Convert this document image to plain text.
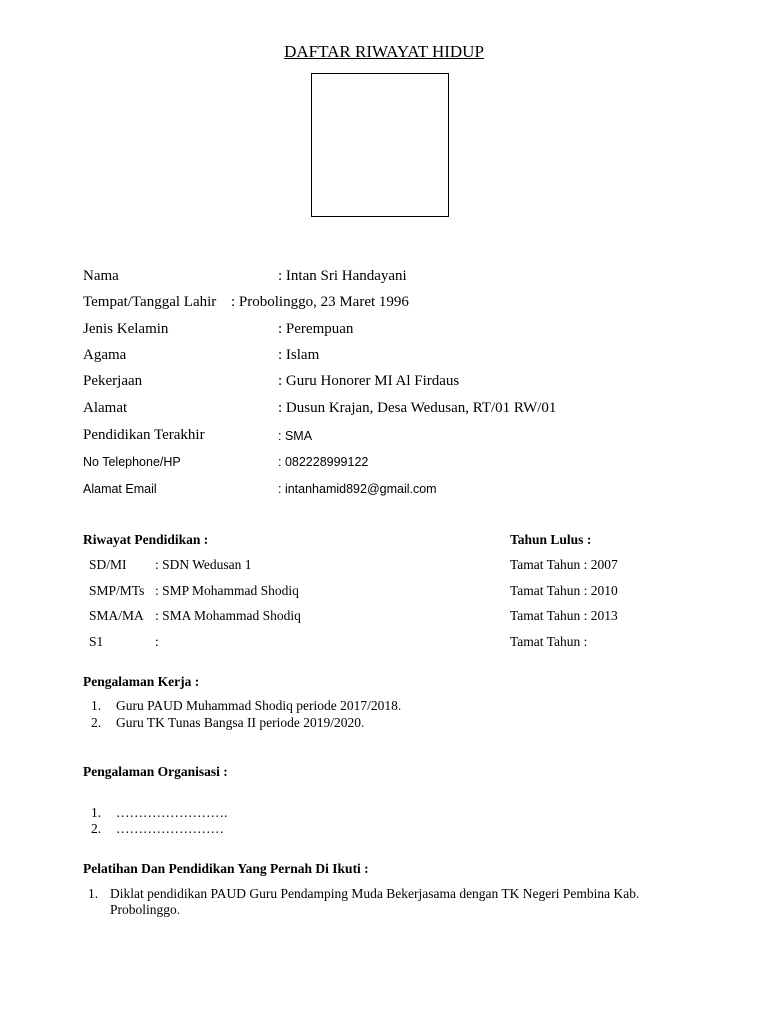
DAFTAR RIWAYAT HIDUP
Nama	: Intan Sri Handayani
Tempat/Tanggal Lahir : Probolinggo, 23 Maret 1996
Jenis Kelamin	: Perempuan
Agama	: Islam
Pekerjaan	: Guru Honorer MI Al Firdaus
Alamat	: Dusun Krajan, Desa Wedusan, RT/01 RW/01
Pendidikan Terakhir	: SMA
No Telephone/HP	: 082228999122
Alamat Email	: intanhamid892@gmail.com
Riwayat Pendidikan :	Tahun Lulus :
SD/MI : SDN Wedusan 1	Tamat Tahun : 2007
SMP/MTs : SMP Mohammad Shodiq	Tamat Tahun : 2010
SMA/MA : SMA Mohammad Shodiq	Tamat Tahun : 2013
S1	:	Tamat Tahun :
Pengalaman Kerja :
1. Guru PAUD Muhammad Shodiq periode 2017/2018.
2. Guru TK Tunas Bangsa II periode 2019/2020.
Pengalaman Organisasi :
1. …………………….
2. ……………………
Pelatihan Dan Pendidikan Yang Pernah Di Ikuti :
1. Diklat pendidikan PAUD Guru Pendamping Muda Bekerjasama dengan TK Negeri Pembina Kab.
Probolinggo.
